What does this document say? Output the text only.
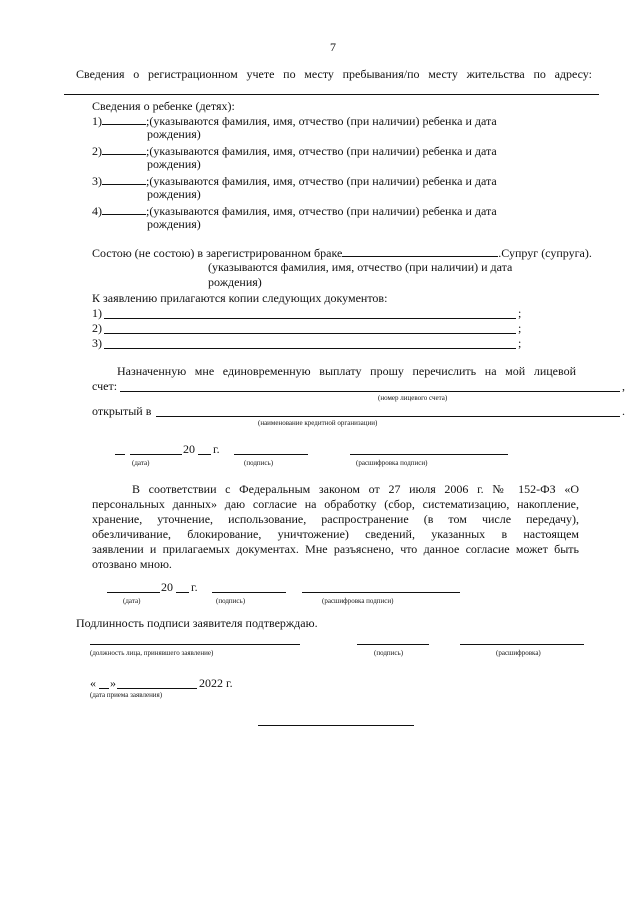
7
Сведения о регистрационном учете по месту пребывания/по месту жительства по адресу:
Сведения о ребенке (детях):
1)	;(указываются фамилия, имя, отчество (при наличии) ребенка и дата
рождения)
2)	;(указываются фамилия, имя, отчество (при наличии) ребенка и дата
рождения)
3)	;(указываются фамилия, имя, отчество (при наличии) ребенка и дата
рождения)
4)	;(указываются фамилия, имя, отчество (при наличии) ребенка и дата
рождения)
Состою (не состою) в зарегистрированном браке	.Супруг (супруга).
(указываются фамилия, имя, отчество (при наличии) и дата
рождения)
К заявлению прилагаются копии следующих документов:
1)	;
2)	;
3)	;
Назначенную мне единовременную выплату прошу перечислить на мой лицевой
счет:	,
(номер лицевого счета)
открытый в	.
(наименование кредитной организации)
20 г.
(дата)	(подпись)	(расшифровка подписи)
В соответствии с Федеральным законом от 27 июля 2006 г. № 152-ФЗ «О
персональных данных» даю согласие на обработку (сбор, систематизацию, накопление,
хранение, уточнение, использование, распространение (в том числе передачу),
обезличивание, блокирование, уничтожение) сведений, указанных в настоящем
заявлении и прилагаемых документах. Мне разъяснено, что данное согласие может быть
отозвано мною.
20 г.
(дата)	(подпись)	(расшифровка подписи)
Подлинность подписи заявителя подтверждаю.
(должность лица, принявшего заявление)	(подпись)	(расшифровка)
« »	2022 г.
(дата приема заявления)
